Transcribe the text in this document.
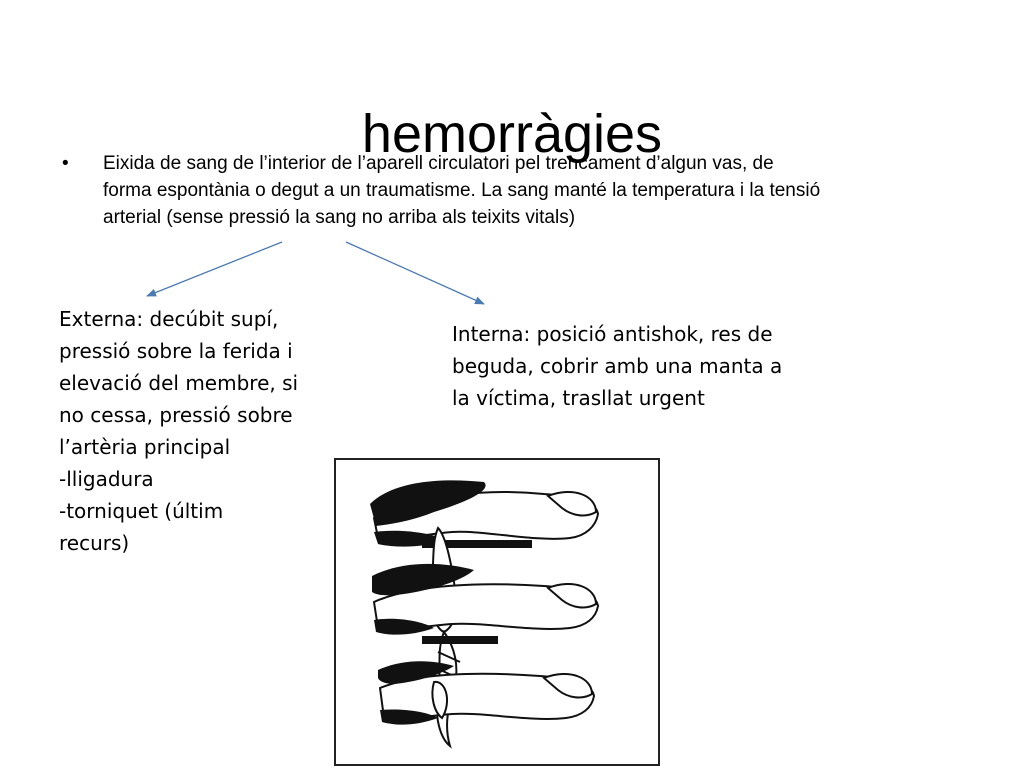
hemorràgies
• Eixida de sang de l’interior de l’aparell circulatori pel trencament d’algun vas, de
forma espontània o degut a un traumatisme. La sang manté la temperatura i la tensió
arterial (sense pressió la sang no arriba als teixits vitals)
Externa: decúbit supí,
pressió sobre la ferida i
elevació del membre, si
no cessa, pressió sobre
l’artèria principal
-lligadura
-torniquet (últim
recurs)
Interna: posició antishok, res de
beguda, cobrir amb una manta a
la víctima, trasllat urgent
